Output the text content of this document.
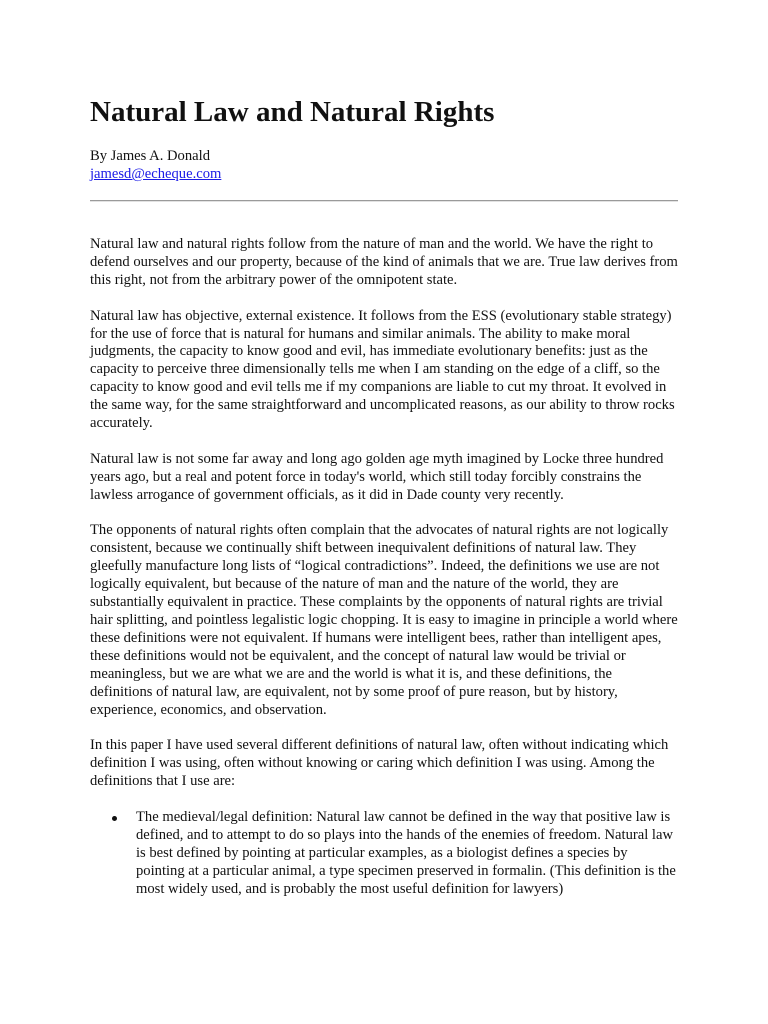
Natural Law and Natural Rights
By James A. Donald
jamesd@echeque.com

Natural law and natural rights follow from the nature of man and the world. We have the right to defend ourselves and our property, because of the kind of animals that we are. True law derives from this right, not from the arbitrary power of the omnipotent state.

Natural law has objective, external existence. It follows from the ESS (evolutionary stable strategy) for the use of force that is natural for humans and similar animals. The ability to make moral judgments, the capacity to know good and evil, has immediate evolutionary benefits: just as the capacity to perceive three dimensionally tells me when I am standing on the edge of a cliff, so the capacity to know good and evil tells me if my companions are liable to cut my throat. It evolved in the same way, for the same straightforward and uncomplicated reasons, as our ability to throw rocks accurately.

Natural law is not some far away and long ago golden age myth imagined by Locke three hundred years ago, but a real and potent force in today's world, which still today forcibly constrains the lawless arrogance of government officials, as it did in Dade county very recently.

The opponents of natural rights often complain that the advocates of natural rights are not logically consistent, because we continually shift between inequivalent definitions of natural law. They gleefully manufacture long lists of “logical contradictions”. Indeed, the definitions we use are not logically equivalent, but because of the nature of man and the nature of the world, they are substantially equivalent in practice. These complaints by the opponents of natural rights are trivial hair splitting, and pointless legalistic logic chopping. It is easy to imagine in principle a world where these definitions were not equivalent. If humans were intelligent bees, rather than intelligent apes, these definitions would not be equivalent, and the concept of natural law would be trivial or meaningless, but we are what we are and the world is what it is, and these definitions, the definitions of natural law, are equivalent, not by some proof of pure reason, but by history, experience, economics, and observation.

In this paper I have used several different definitions of natural law, often without indicating which definition I was using, often without knowing or caring which definition I was using. Among the definitions that I use are:

The medieval/legal definition: Natural law cannot be defined in the way that positive law is defined, and to attempt to do so plays into the hands of the enemies of freedom. Natural law is best defined by pointing at particular examples, as a biologist defines a species by pointing at a particular animal, a type specimen preserved in formalin. (This definition is the most widely used, and is probably the most useful definition for lawyers)
